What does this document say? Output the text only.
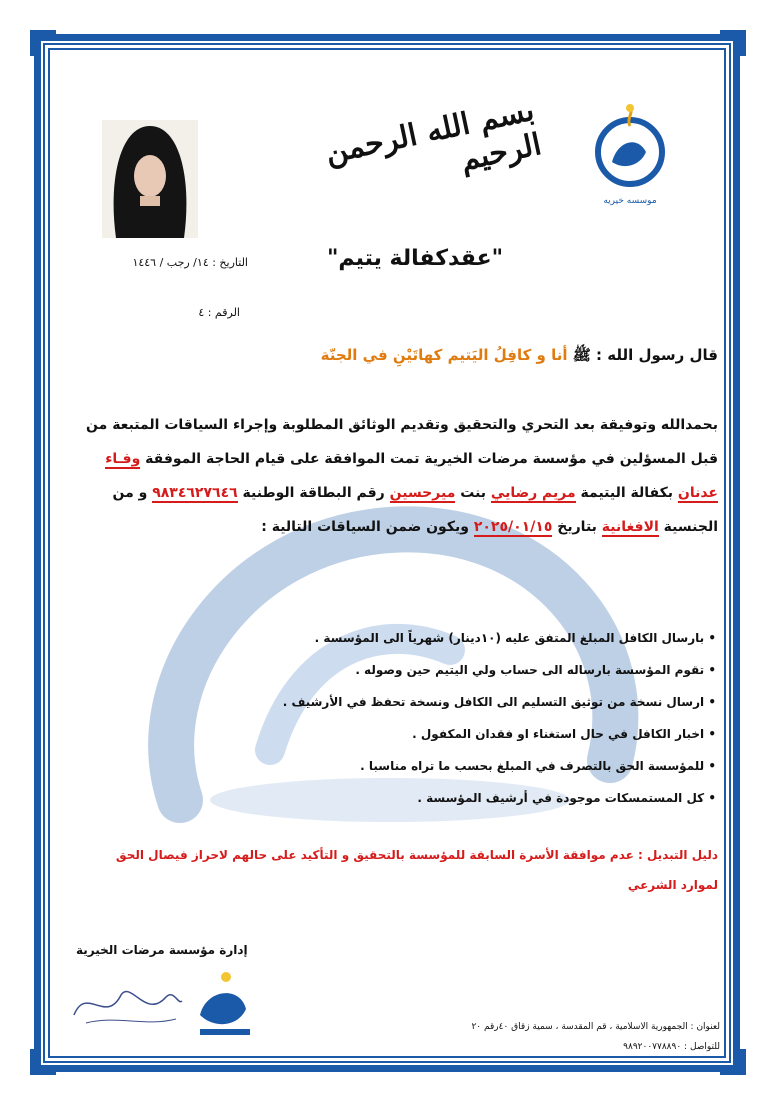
موسسه خیریه
بسم الله الرحمن الرحيم
"عقدكفالة يتيم"
التاريخ : ١٤/ رجب / ١٤٤٦
الرقم : ٤
قال رسول الله : ﷺ أنا و كافِلُ اليَتيم كهاتَيْنِ في الجنّة
بحمدالله وتوفيقة بعد التحري والتحقيق وتقديم الوثائق المطلوبة وإجراء السياقات المتبعة من قبل المسؤلين في مؤسسة مرضات الخيرية تمت الموافقة على قيام الحاجة الموفقة وفـاء عدنان بكفالة اليتيمة مريم رضايي بنت ميرحسين رقم البطاقة الوطنية ٩٨٣٤٦٢٧٦٤٦ و من الجنسية الافغانية بتاريخ ٢٠٢٥/٠١/١٥ ويكون ضمن السياقات التالية :
• بارسال الكافل المبلغ المتفق عليه (١٠دينار) شهرياً الى المؤسسة .
• تقوم المؤسسة بارساله الى حساب ولي اليتيم حين وصوله .
• ارسال نسخة من توثيق التسليم الى الكافل ونسخة تحفظ في الأرشيف .
• اخبار الكافل في حال استغناء او فقدان المكفول .
• للمؤسسة الحق بالتصرف في المبلغ بحسب ما تراه مناسبا .
• كل المستمسكات موجودة في أرشيف المؤسسة .
دليل التبديل : عدم موافقة الأسرة السابقة للمؤسسة بالتحقيق و التأكيد على حالهم لاحراز فيصال الحق لموارد الشرعي
إدارة مؤسسة مرضات الخيرية
لعنوان : الجمهورية الاسلامية ، قم المقدسة ، سمية زقاق ٤٠رقم ٢٠
للتواصل : ٩٨٩٢٠٠٧٧٨٨٩٠
